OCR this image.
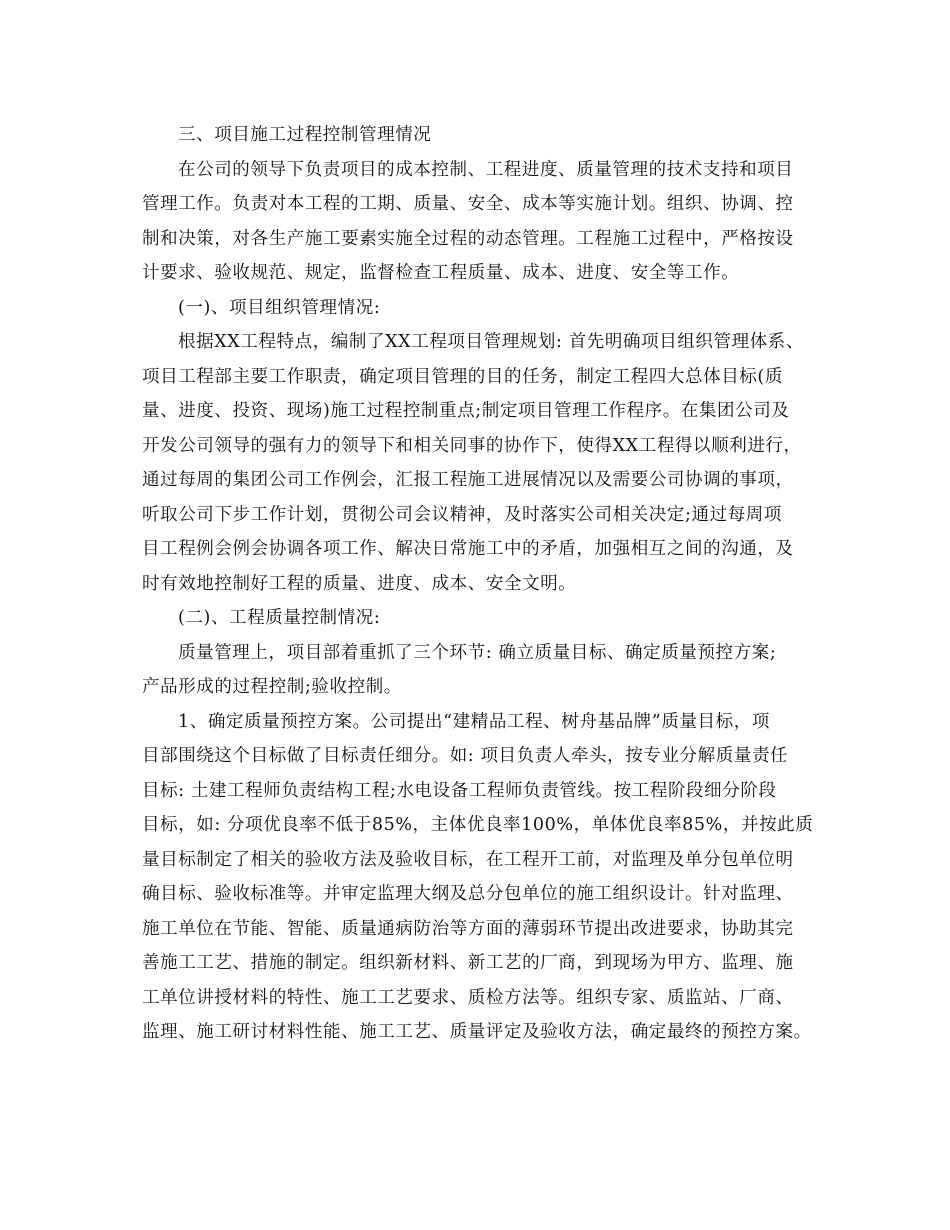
三、项目施工过程控制管理情况
在公司的领导下负责项目的成本控制、工程进度、质量管理的技术支持和项目
管理工作。负责对本工程的工期、质量、安全、成本等实施计划。组织、协调、控
制和决策，对各生产施工要素实施全过程的动态管理。工程施工过程中，严格按设
计要求、验收规范、规定，监督检查工程质量、成本、进度、安全等工作。
(一)、项目组织管理情况:
根据XX工程特点，编制了XX工程项目管理规划: 首先明确项目组织管理体系、
项目工程部主要工作职责，确定项目管理的目的任务，制定工程四大总体目标(质
量、进度、投资、现场)施工过程控制重点;制定项目管理工作程序。在集团公司及
开发公司领导的强有力的领导下和相关同事的协作下，使得XX工程得以顺利进行，
通过每周的集团公司工作例会，汇报工程施工进展情况以及需要公司协调的事项，
听取公司下步工作计划，贯彻公司会议精神，及时落实公司相关决定;通过每周项
目工程例会例会协调各项工作、解决日常施工中的矛盾，加强相互之间的沟通，及
时有效地控制好工程的质量、进度、成本、安全文明。
(二)、工程质量控制情况:
质量管理上，项目部着重抓了三个环节: 确立质量目标、确定质量预控方案;
产品形成的过程控制;验收控制。
1、确定质量预控方案。公司提出“建精品工程、树舟基品牌”质量目标，项
目部围绕这个目标做了目标责任细分。如: 项目负责人牵头，按专业分解质量责任
目标: 土建工程师负责结构工程;水电设备工程师负责管线。按工程阶段细分阶段
目标，如: 分项优良率不低于85%，主体优良率100%，单体优良率85%，并按此质
量目标制定了相关的验收方法及验收目标，在工程开工前，对监理及单分包单位明
确目标、验收标准等。并审定监理大纲及总分包单位的施工组织设计。针对监理、
施工单位在节能、智能、质量通病防治等方面的薄弱环节提出改进要求，协助其完
善施工工艺、措施的制定。组织新材料、新工艺的厂商，到现场为甲方、监理、施
工单位讲授材料的特性、施工工艺要求、质检方法等。组织专家、质监站、厂商、
监理、施工研讨材料性能、施工工艺、质量评定及验收方法，确定最终的预控方案。
